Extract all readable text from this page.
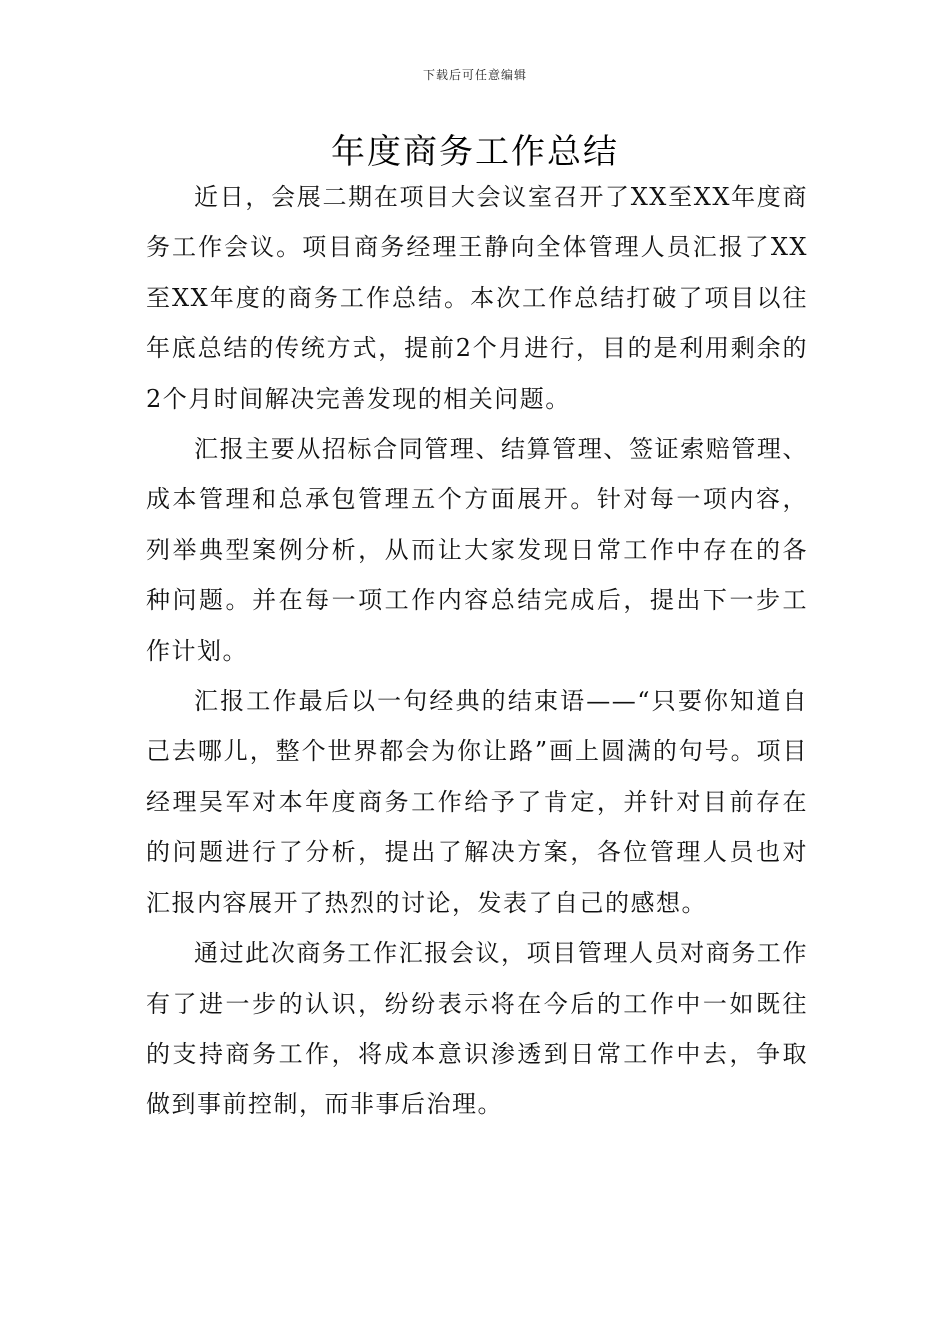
下载后可任意编辑
年度商务工作总结

近日，会展二期在项目大会议室召开了XX至XX年度商务工作会议。项目商务经理王静向全体管理人员汇报了XX至XX年度的商务工作总结。本次工作总结打破了项目以往年底总结的传统方式，提前2个月进行，目的是利用剩余的2个月时间解决完善发现的相关问题。

汇报主要从招标合同管理、结算管理、签证索赔管理、成本管理和总承包管理五个方面展开。针对每一项内容，列举典型案例分析，从而让大家发现日常工作中存在的各种问题。并在每一项工作内容总结完成后，提出下一步工作计划。

汇报工作最后以一句经典的结束语——“只要你知道自己去哪儿，整个世界都会为你让路”画上圆满的句号。项目经理吴军对本年度商务工作给予了肯定，并针对目前存在的问题进行了分析，提出了解决方案，各位管理人员也对汇报内容展开了热烈的讨论，发表了自己的感想。

通过此次商务工作汇报会议，项目管理人员对商务工作有了进一步的认识，纷纷表示将在今后的工作中一如既往的支持商务工作，将成本意识渗透到日常工作中去，争取做到事前控制，而非事后治理。
